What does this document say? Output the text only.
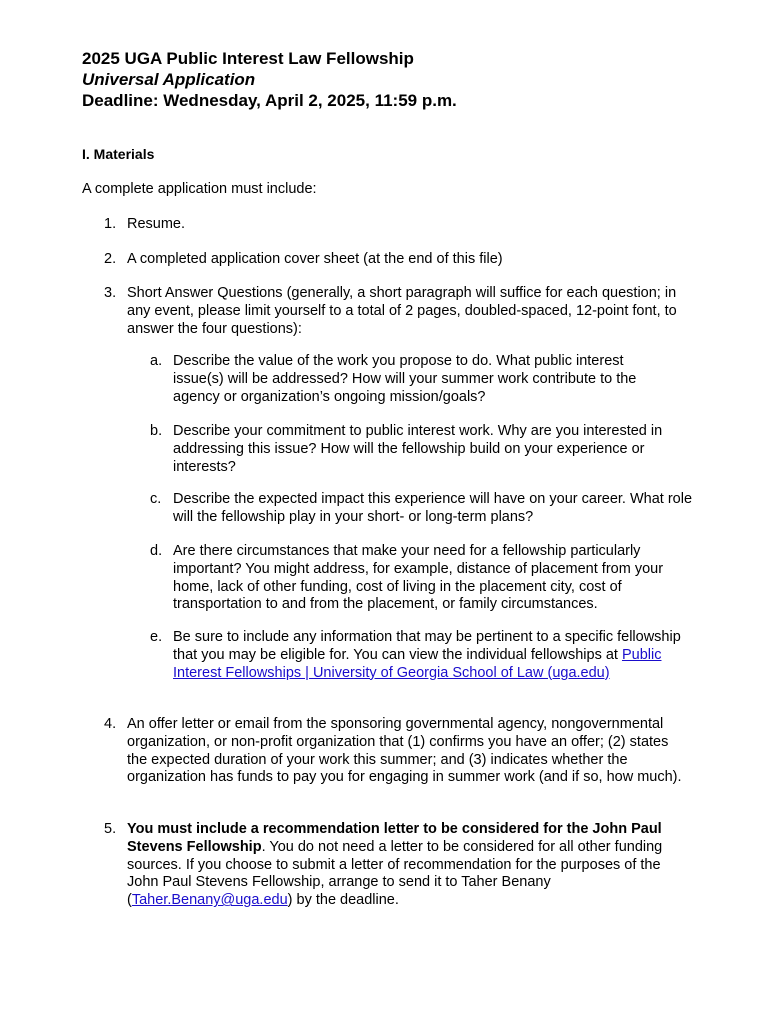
2025 UGA Public Interest Law Fellowship
Universal Application
Deadline: Wednesday, April 2, 2025, 11:59 p.m.
I. Materials
A complete application must include:
1. Resume.
2. A completed application cover sheet (at the end of this file)
3. Short Answer Questions (generally, a short paragraph will suffice for each question; in any event, please limit yourself to a total of 2 pages, doubled-spaced, 12-point font, to answer the four questions):
a. Describe the value of the work you propose to do. What public interest issue(s) will be addressed? How will your summer work contribute to the agency or organization’s ongoing mission/goals?
b. Describe your commitment to public interest work. Why are you interested in addressing this issue? How will the fellowship build on your experience or interests?
c. Describe the expected impact this experience will have on your career. What role will the fellowship play in your short- or long-term plans?
d. Are there circumstances that make your need for a fellowship particularly important? You might address, for example, distance of placement from your home, lack of other funding, cost of living in the placement city, cost of transportation to and from the placement, or family circumstances.
e. Be sure to include any information that may be pertinent to a specific fellowship that you may be eligible for. You can view the individual fellowships at Public Interest Fellowships | University of Georgia School of Law (uga.edu)
4. An offer letter or email from the sponsoring governmental agency, nongovernmental organization, or non-profit organization that (1) confirms you have an offer; (2) states the expected duration of your work this summer; and (3) indicates whether the organization has funds to pay you for engaging in summer work (and if so, how much).
5. You must include a recommendation letter to be considered for the John Paul Stevens Fellowship. You do not need a letter to be considered for all other funding sources. If you choose to submit a letter of recommendation for the purposes of the John Paul Stevens Fellowship, arrange to send it to Taher Benany (Taher.Benany@uga.edu) by the deadline.
